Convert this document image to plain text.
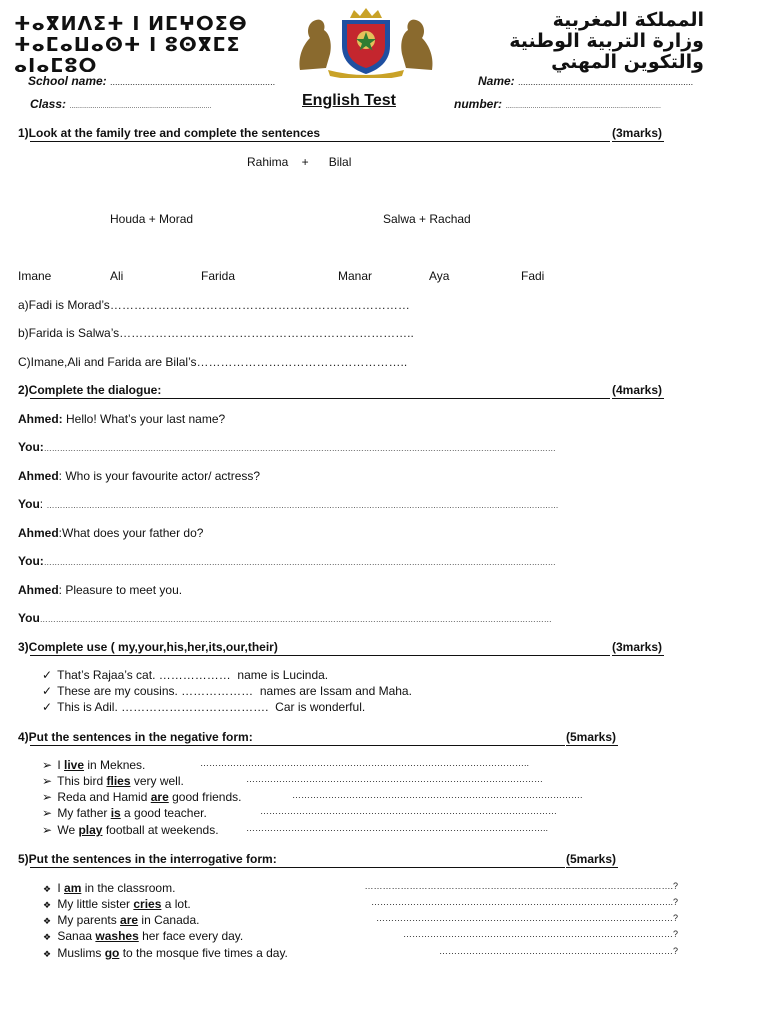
ⵜⴰⴳⵍⴷⵉⵜ ⵏ ⵍⵎⵖⵔⵉⴱ
ⵜⴰⵎⴰⵡⴰⵙⵜ ⵏ ⵓⵙⴳⵎⵉ ⴰⵏⴰⵎⵓⵔ
المملكة المغربية
وزارة التربية الوطنية
والتكوين المهني
School name: ..................................................................	Name: ......................................................................
Class: .........................................................................	English Test	number: ................................................................................
1)Look at the family tree and complete the sentences	(3marks)
Rahima    +      Bilal
Houda + Morad	Salwa + Rachad
Imane	Ali	Farida	Manar	Aya	Fadi
a)Fadi is Morad’s…………………………………………………………………
b)Farida is Salwa’s………………………………………………………………..
C)Imane,Ali and Farida are Bilal’s……………………………………………..
2)Complete the dialogue:	(4marks)
Ahmed: Hello! What’s your last name?
You:…………………………………………………………………………………………………………………………………………………………………………
Ahmed: Who is your favourite actor/ actress?
You: …………………………………………………………………………………………………………………………………………………………………………
Ahmed:What does your father do?
You:…………………………………………………………………………………………………………………………………………………………………………
Ahmed: Pleasure to meet you.
You…………………………………………………………………………………………………………………………………………………………………………
3)Complete use ( my,your,his,her,its,our,their)	(3marks)
✓ That’s Rajaa’s cat. ……………… name is Lucinda.
✓ These are my cousins. ……………… names are Issam and Maha.
✓ This is Adil. ………………………………. Car is wonderful.
4)Put the sentences in the negative form:	(5marks)
➢ I live in Meknes.	………………………………………………………………………………………………..
➢ This bird flies very well.	………………………………………………………………………………………
➢ Reda and Hamid are good friends.	…………………………………………………………………………………….
➢ My father is a good teacher.	………………………………………………………………………………………
➢ We play football at weekends.	………………………………………………………………………………………..
5)Put the sentences in the interrogative form:	(5marks)
❖ I am in the classroom.	………………………………………………………………………………………….?
❖ My little sister cries a lot.	………………………………………………………………………………………..?
❖ My parents are in Canada.	………………………………………………………………………………………?
❖ Sanaa washes her face every day.	………………………………………………………………………………?
❖ Muslims go to the mosque five times a day.	……………………………………………………………………?
